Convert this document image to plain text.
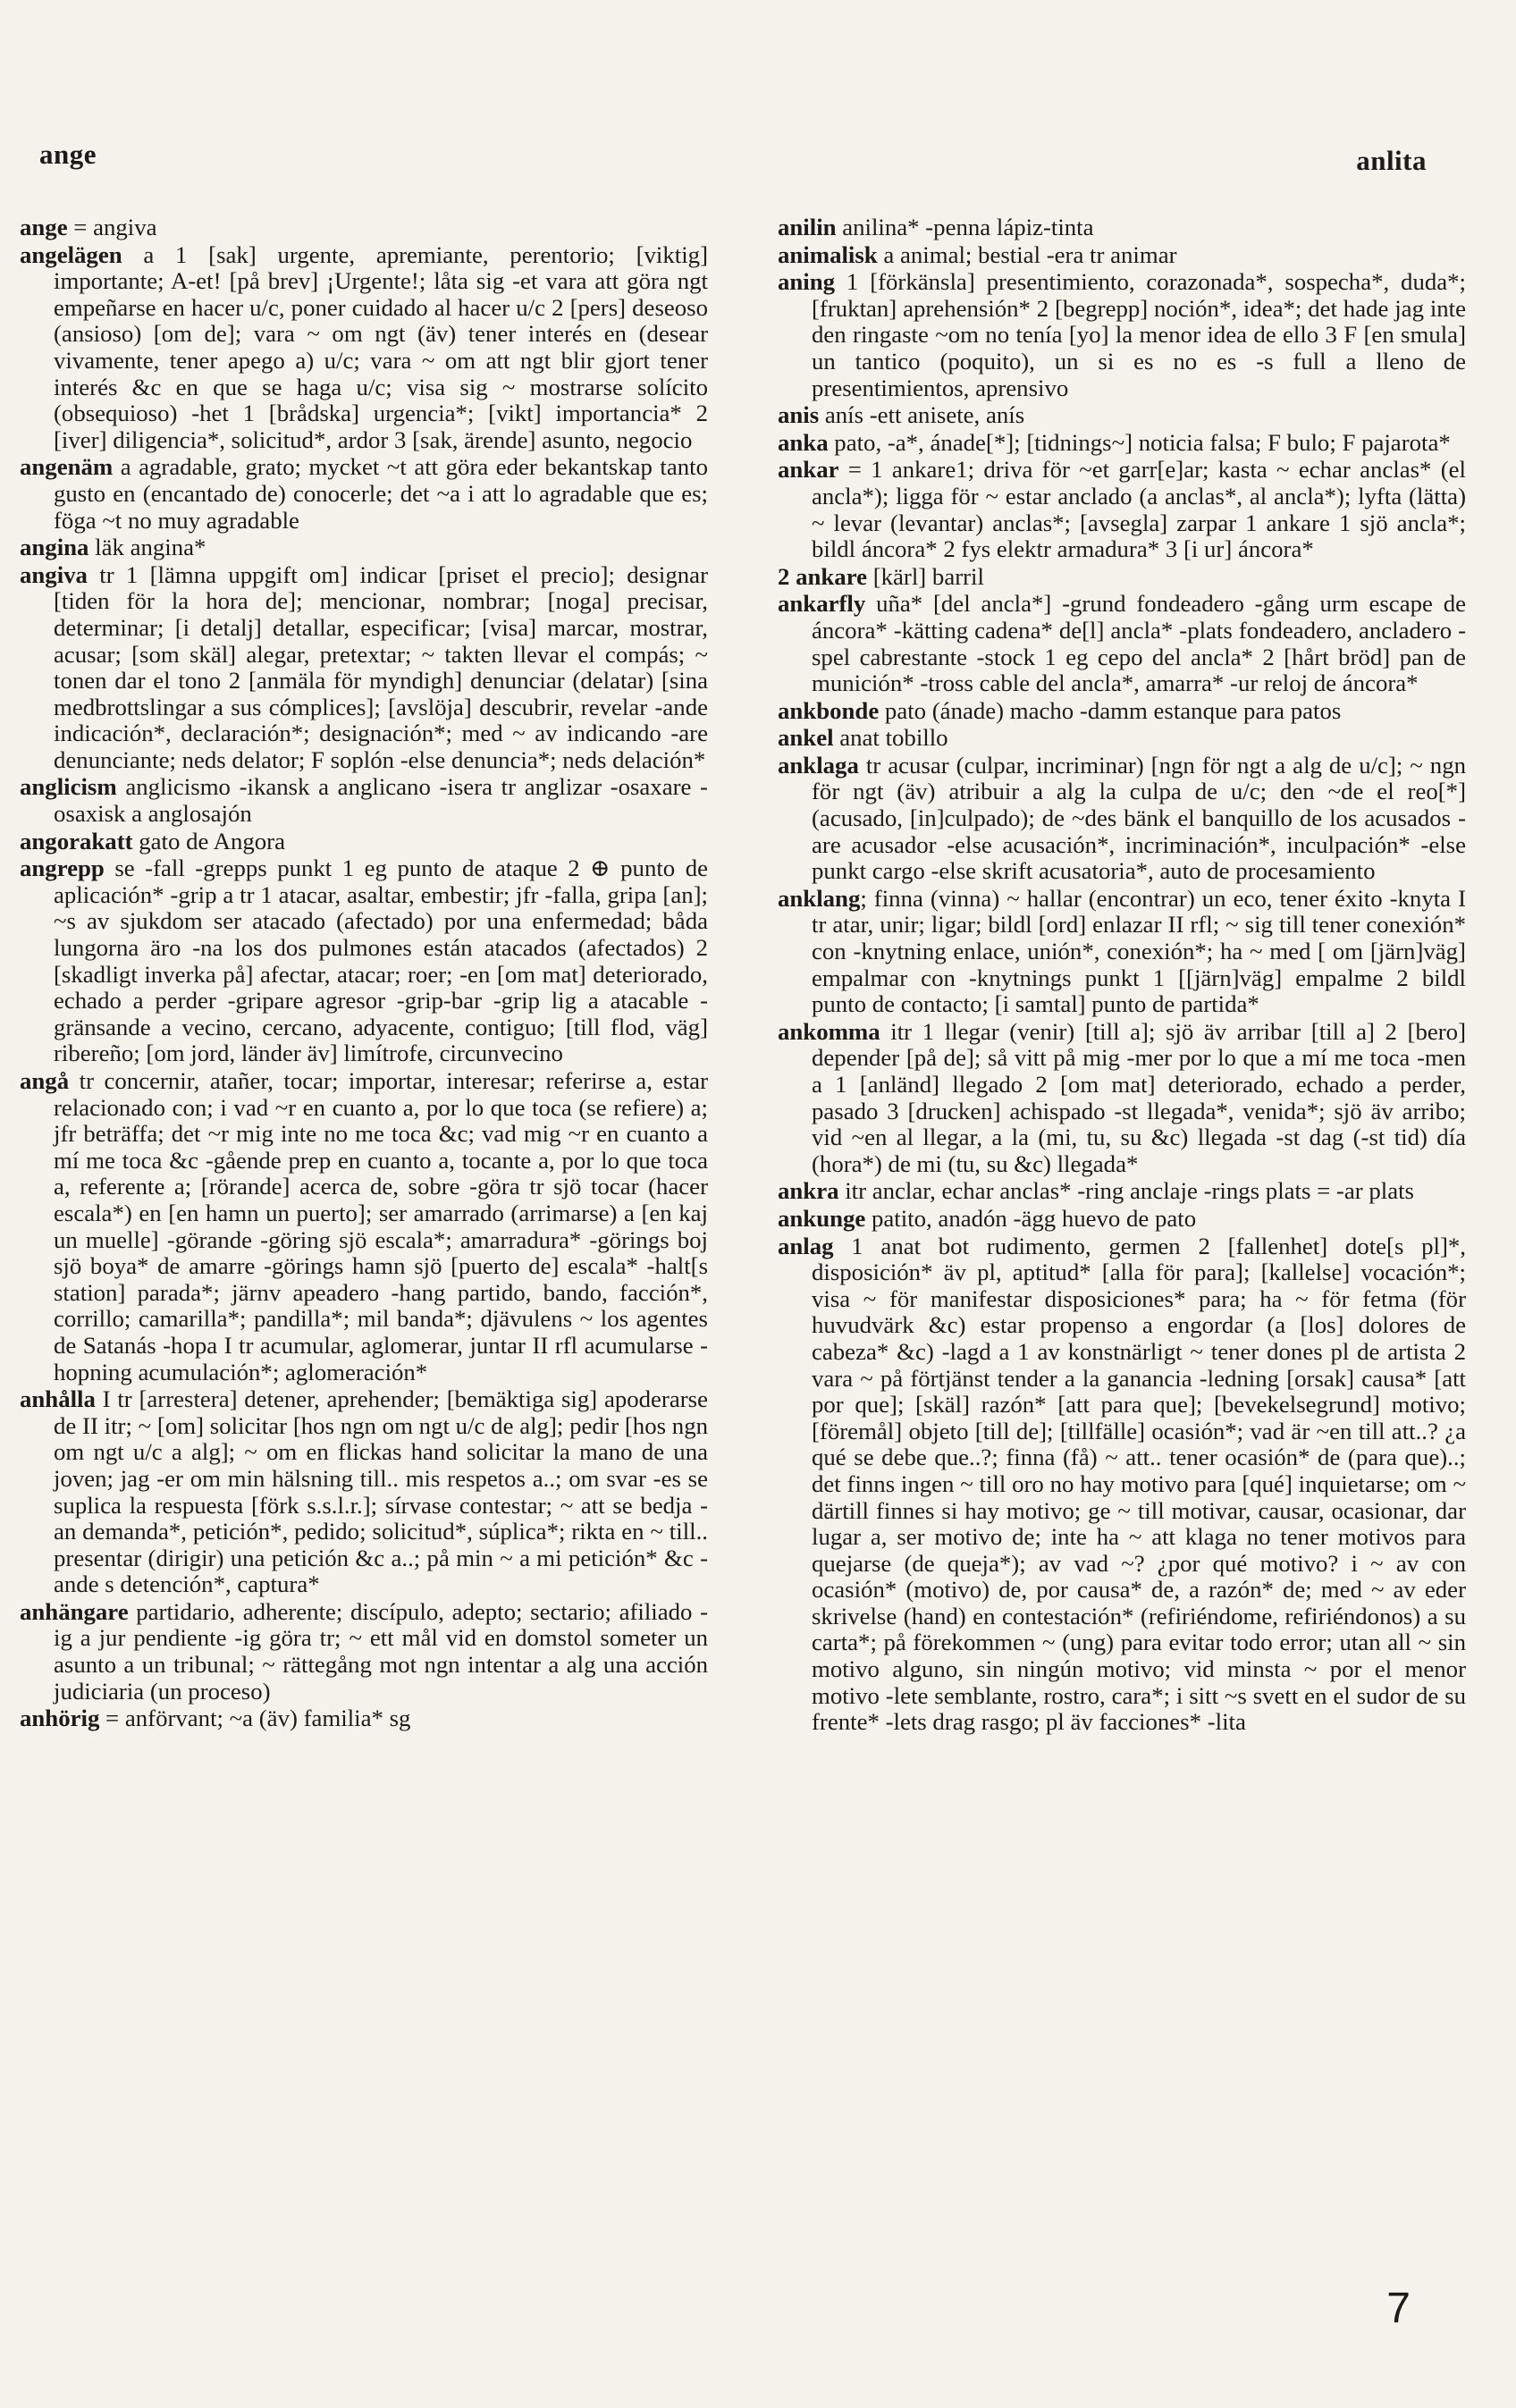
ange	anlita

ange = angiva

angelägen a 1 [sak] urgente, apremiante, perentorio; [viktig] importante; A-et! [på brev] ¡Urgente!; låta sig -et vara att göra ngt empeñarse en hacer u/c, poner cuidado al hacer u/c 2 [pers] deseoso (ansioso) [om de]; vara ~ om ngt (äv) tener interés en (desear vivamente, tener apego a) u/c; vara ~ om att ngt blir gjort tener interés &c en que se haga u/c; visa sig ~ mostrarse solícito (obsequioso) -het 1 [brådska] urgencia*; [vikt] importancia* 2 [iver] diligencia*, solicitud*, ardor 3 [sak, ärende] asunto, negocio

angenäm a agradable, grato; mycket ~t att göra eder bekantskap tanto gusto en (encantado de) conocerle; det ~a i att lo agradable que es; föga ~t no muy agradable

angina läk angina*

angiva tr 1 [lämna uppgift om] indicar [priset el precio]; designar [tiden för la hora de]; mencionar, nombrar; [noga] precisar, determinar; [i detalj] detallar, especificar; [visa] marcar, mostrar, acusar; [som skäl] alegar, pretextar; ~ takten llevar el compás; ~ tonen dar el tono 2 [anmäla för myndigh] denunciar (delatar) [sina medbrottslingar a sus cómplices]; [avslöja] descubrir, revelar -ande indicación*, declaración*; designación*; med ~ av indicando -are denunciante; neds delator; F soplón -else denuncia*; neds delación*

anglicism anglicismo -ikansk a anglicano -isera tr anglizar -osaxare -osaxisk a anglosajón

angorakatt gato de Angora

angrepp se -fall -grepps punkt 1 eg punto de ataque 2 ⊕ punto de aplicación* -grip a tr 1 atacar, asaltar, embestir; jfr -falla, gripa [an]; ~s av sjukdom ser atacado (afectado) por una enfermedad; båda lungorna äro -na los dos pulmones están atacados (afectados) 2 [skadligt inverka på] afectar, atacar; roer; -en [om mat] deteriorado, echado a perder -gripare agresor -grip-bar -grip lig a atacable -gränsande a vecino, cercano, adyacente, contiguo; [till flod, väg] ribereño; [om jord, länder äv] limítrofe, circunvecino

angå tr concernir, atañer, tocar; importar, interesar; referirse a, estar relacionado con; i vad ~r en cuanto a, por lo que toca (se refiere) a; jfr beträffa; det ~r mig inte no me toca &c; vad mig ~r en cuanto a mí me toca &c -gående prep en cuanto a, tocante a, por lo que toca a, referente a; [rörande] acerca de, sobre -göra tr sjö tocar (hacer escala*) en [en hamn un puerto]; ser amarrado (arrimarse) a [en kaj un muelle] -görande -göring sjö escala*; amarradura* -görings boj sjö boya* de amarre -görings hamn sjö [puerto de] escala* -halt[s station] parada*; järnv apeadero -hang partido, bando, facción*, corrillo; camarilla*; pandilla*; mil banda*; djävulens ~ los agentes de Satanás -hopa I tr acumular, aglomerar, juntar II rfl acumularse -hopning acumulación*; aglomeración*

anhålla I tr [arrestera] detener, aprehender; [bemäktiga sig] apoderarse de II itr; ~ [om] solicitar [hos ngn om ngt u/c de alg]; pedir [hos ngn om ngt u/c a alg]; ~ om en flickas hand solicitar la mano de una joven; jag -er om min hälsning till.. mis respetos a..; om svar -es se suplica la respuesta [förk s.s.l.r.]; sírvase contestar; ~ att se bedja -an demanda*, petición*, pedido; solicitud*, súplica*; rikta en ~ till.. presentar (dirigir) una petición &c a..; på min ~ a mi petición* &c -ande s detención*, captura*

anhängare partidario, adherente; discípulo, adepto; sectario; afiliado -ig a jur pendiente -ig göra tr; ~ ett mål vid en domstol someter un asunto a un tribunal; ~ rättegång mot ngn intentar a alg una acción judiciaria (un proceso)

anhörig = anförvant; ~a (äv) familia* sg

anilin anilina* -penna lápiz-tinta

animalisk a animal; bestial -era tr animar

aning 1 [förkänsla] presentimiento, corazonada*, sospecha*, duda*; [fruktan] aprehensión* 2 [begrepp] noción*, idea*; det hade jag inte den ringaste ~om no tenía [yo] la menor idea de ello 3 F [en smula] un tantico (poquito), un si es no es -s full a lleno de presentimientos, aprensivo

anis anís -ett anisete, anís

anka pato, -a*, ánade[*]; [tidnings~] noticia falsa; F bulo; F pajarota*

ankar = 1 ankare1; driva för ~et garr[e]ar; kasta ~ echar anclas* (el ancla*); ligga för ~ estar anclado (a anclas*, al ancla*); lyfta (lätta) ~ levar (levantar) anclas*; [avsegla] zarpar 1 ankare 1 sjö ancla*; bildl áncora* 2 fys elektr armadura* 3 [i ur] áncora*

2 ankare [kärl] barril

ankarfly uña* [del ancla*] -grund fondeadero -gång urm escape de áncora* -kätting cadena* de[l] ancla* -plats fondeadero, ancladero -spel cabrestante -stock 1 eg cepo del ancla* 2 [hårt bröd] pan de munición* -tross cable del ancla*, amarra* -ur reloj de áncora*

ankbonde pato (ánade) macho -damm estanque para patos

ankel anat tobillo

anklaga tr acusar (culpar, incriminar) [ngn för ngt a alg de u/c]; ~ ngn för ngt (äv) atribuir a alg la culpa de u/c; den ~de el reo[*] (acusado, [in]culpado); de ~des bänk el banquillo de los acusados -are acusador -else acusación*, incriminación*, inculpación* -else punkt cargo -else skrift acusatoria*, auto de procesamiento

anklang; finna (vinna) ~ hallar (encontrar) un eco, tener éxito -knyta I tr atar, unir; ligar; bildl [ord] enlazar II rfl; ~ sig till tener conexión* con -knytning enlace, unión*, conexión*; ha ~ med [ om [järn]väg] empalmar con -knytnings punkt 1 [[järn]väg] empalme 2 bildl punto de contacto; [i samtal] punto de partida*

ankomma itr 1 llegar (venir) [till a]; sjö äv arribar [till a] 2 [bero] depender [på de]; så vitt på mig -mer por lo que a mí me toca -men a 1 [anländ] llegado 2 [om mat] deteriorado, echado a perder, pasado 3 [drucken] achispado -st llegada*, venida*; sjö äv arribo; vid ~en al llegar, a la (mi, tu, su &c) llegada -st dag (-st tid) día (hora*) de mi (tu, su &c) llegada*

ankra itr anclar, echar anclas* -ring anclaje -rings plats = -ar plats

ankunge patito, anadón -ägg huevo de pato

anlag 1 anat bot rudimento, germen 2 [fallenhet] dote[s pl]*, disposición* äv pl, aptitud* [alla för para]; [kallelse] vocación*; visa ~ för manifestar disposiciones* para; ha ~ för fetma (för huvudvärk &c) estar propenso a engordar (a [los] dolores de cabeza* &c) -lagd a 1 av konstnärligt ~ tener dones pl de artista 2 vara ~ på förtjänst tender a la ganancia -ledning [orsak] causa* [att por que]; [skäl] razón* [att para que]; [bevekelsegrund] motivo; [föremål] objeto [till de]; [tillfälle] ocasión*; vad är ~en till att..? ¿a qué se debe que..?; finna (få) ~ att.. tener ocasión* de (para que)..; det finns ingen ~ till oro no hay motivo para [qué] inquietarse; om ~ därtill finnes si hay motivo; ge ~ till motivar, causar, ocasionar, dar lugar a, ser motivo de; inte ha ~ att klaga no tener motivos para quejarse (de queja*); av vad ~? ¿por qué motivo? i ~ av con ocasión* (motivo) de, por causa* de, a razón* de; med ~ av eder skrivelse (hand) en contestación* (refiriéndome, refiriéndonos) a su carta*; på förekommen ~ (ung) para evitar todo error; utan all ~ sin motivo alguno, sin ningún motivo; vid minsta ~ por el menor motivo -lete semblante, rostro, cara*; i sitt ~s svett en el sudor de su frente* -lets drag rasgo; pl äv facciones* -lita

7
